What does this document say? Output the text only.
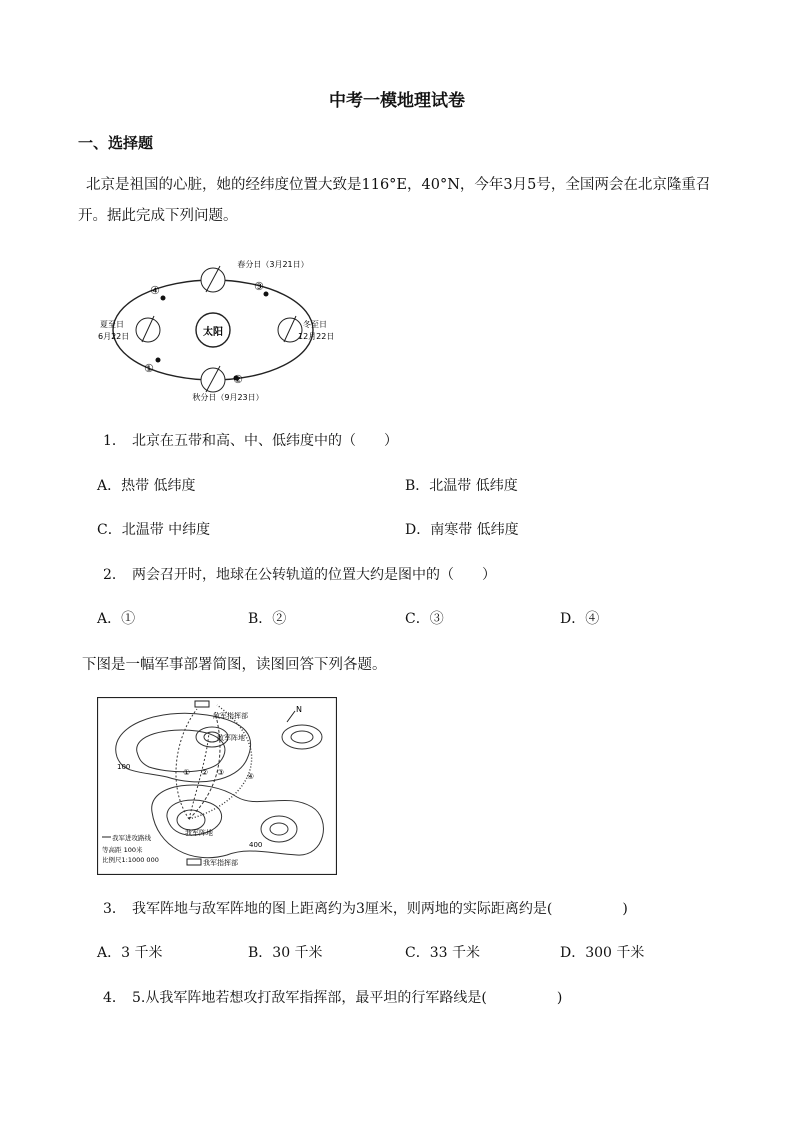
中考一模地理试卷
一、选择题
北京是祖国的心脏，她的经纬度位置大致是116°E，40°N，今年3月5号，全国两会在北京隆重召开。据此完成下列问题。
太阳
春分日（3月21日）
夏至日
6月22日
冬至日
12月22日
秋分日（9月23日）
④	③
①
②
1． 北京在五带和高、中、低纬度中的（　　）
A．热带 低纬度	B．北温带 低纬度
C．北温带 中纬度	D．南寒带 低纬度
2． 两会召开时，地球在公转轨道的位置大约是图中的（　　）
A．①	B．②	C．③	D．④
下图是一幅军事部署简图，读图回答下列各题。
敌军指挥部
敌军阵地
我军阵地
我军指挥部
100
400
① ② ③	④
N
我军进攻路线
等高距 100米
比例尺1:1000 000
3． 我军阵地与敌军阵地的图上距离约为3厘米，则两地的实际距离约是(　　　　　)
A．3 千米	B．30 千米	C．33 千米	D．300 千米
4． 5.从我军阵地若想攻打敌军指挥部，最平坦的行军路线是(　　　　　)
